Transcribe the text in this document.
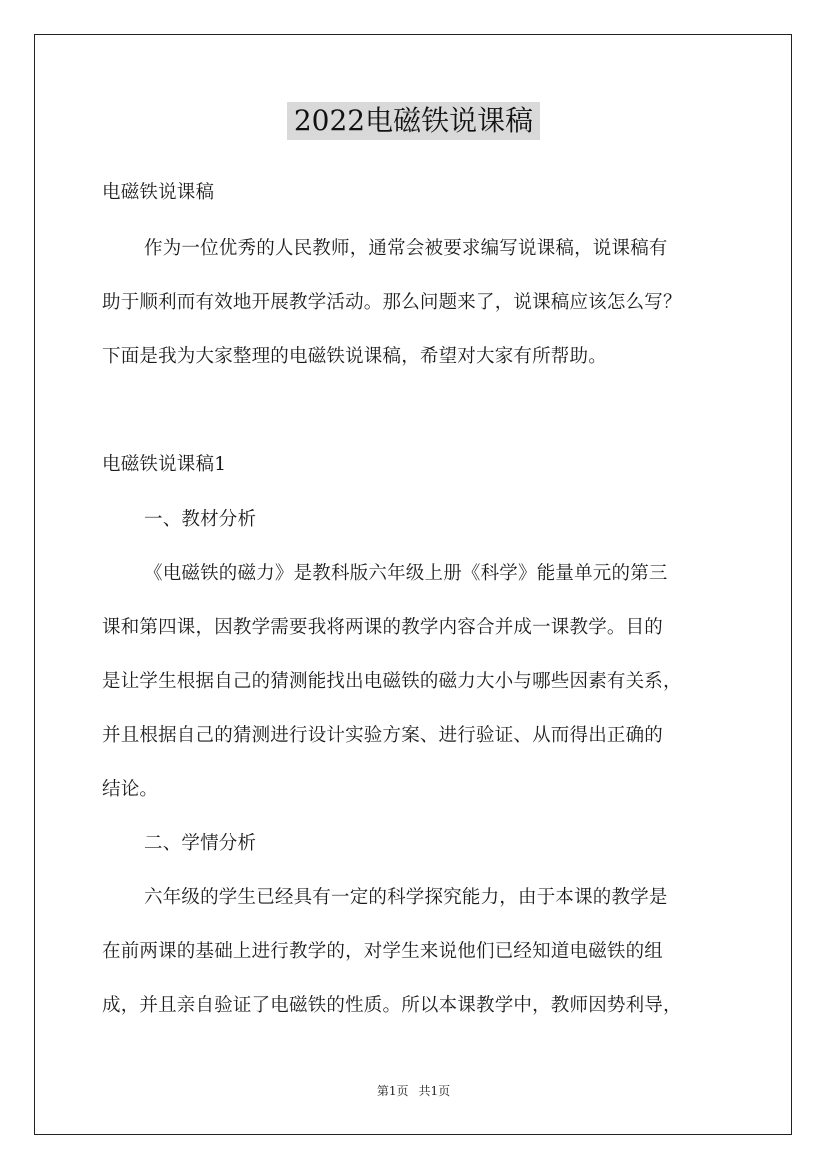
2022电磁铁说课稿
电磁铁说课稿
作为一位优秀的人民教师，通常会被要求编写说课稿，说课稿有
助于顺利而有效地开展教学活动。那么问题来了，说课稿应该怎么写？
下面是我为大家整理的电磁铁说课稿，希望对大家有所帮助。
电磁铁说课稿1
一、教材分析
《电磁铁的磁力》是教科版六年级上册《科学》能量单元的第三
课和第四课，因教学需要我将两课的教学内容合并成一课教学。目的
是让学生根据自己的猜测能找出电磁铁的磁力大小与哪些因素有关系，
并且根据自己的猜测进行设计实验方案、进行验证、从而得出正确的
结论。
二、学情分析
六年级的学生已经具有一定的科学探究能力，由于本课的教学是
在前两课的基础上进行教学的，对学生来说他们已经知道电磁铁的组
成，并且亲自验证了电磁铁的性质。所以本课教学中，教师因势利导，
第1页 共1页
